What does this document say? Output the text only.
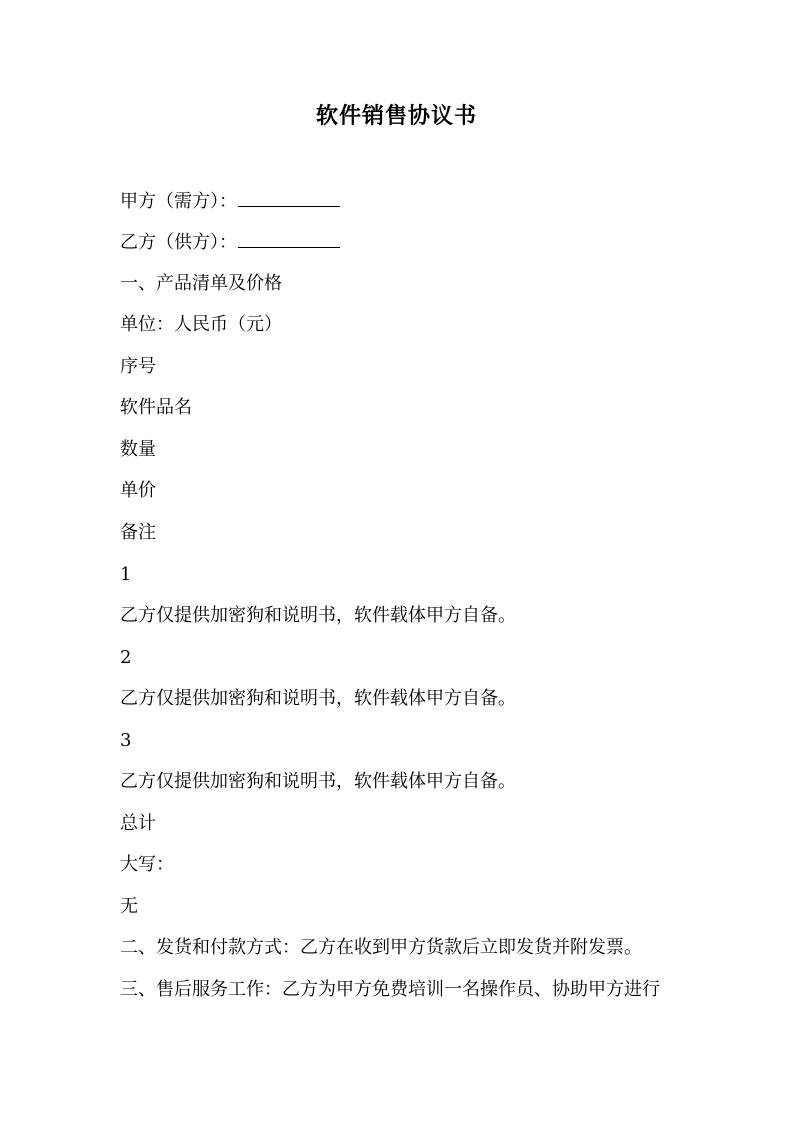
软件销售协议书
甲方（需方）：
乙方（供方）：
一、产品清单及价格
单位：人民币（元）
序号
软件品名
数量
单价
备注
1
乙方仅提供加密狗和说明书，软件载体甲方自备。
2
乙方仅提供加密狗和说明书，软件载体甲方自备。
3
乙方仅提供加密狗和说明书，软件载体甲方自备。
总计
大写：
无
二、发货和付款方式：乙方在收到甲方货款后立即发货并附发票。
三、售后服务工作：乙方为甲方免费培训一名操作员、协助甲方进行
